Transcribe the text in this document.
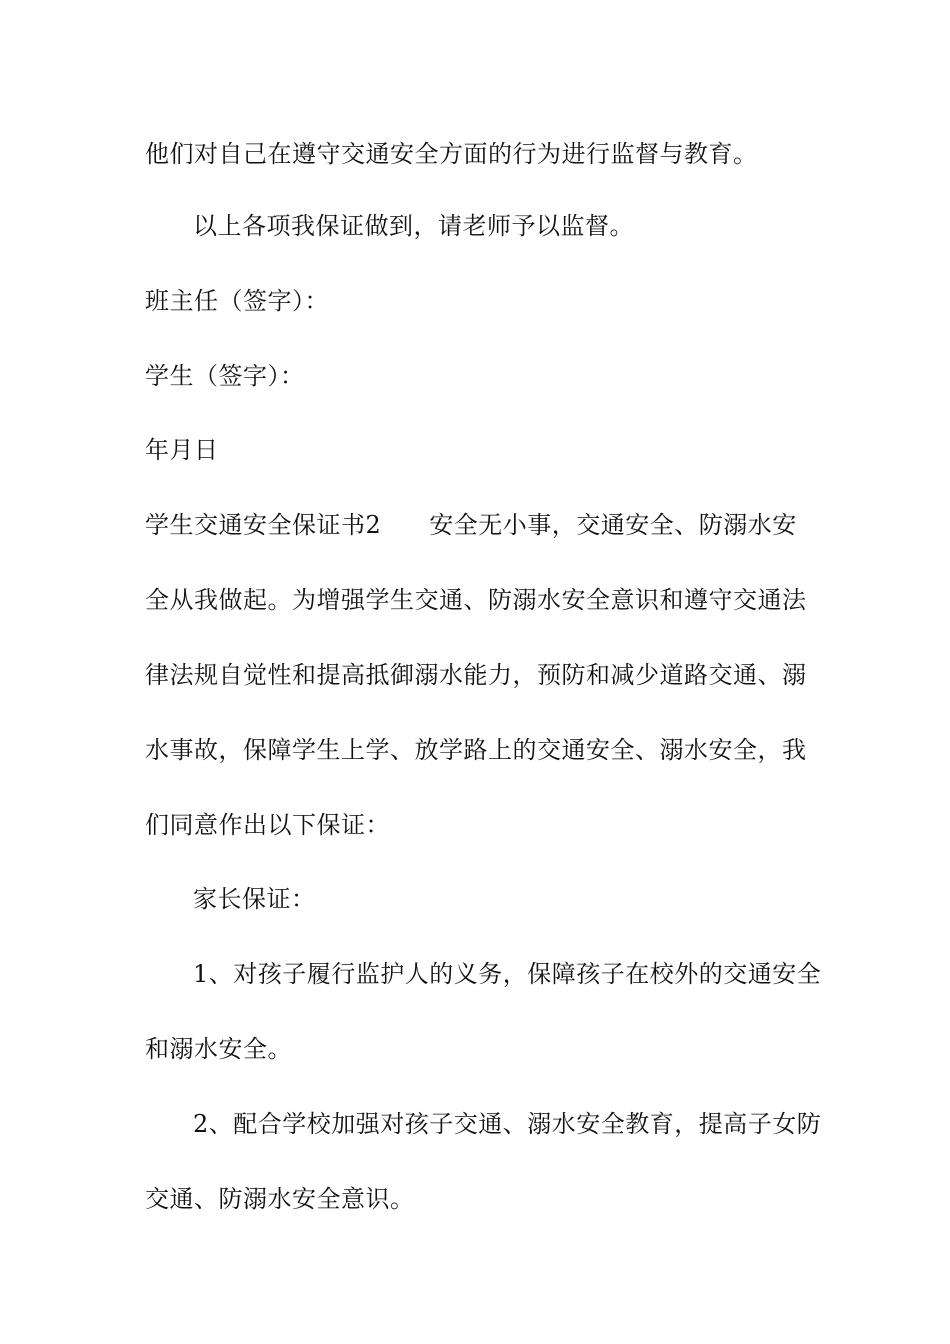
他们对自己在遵守交通安全方面的行为进行监督与教育。
以上各项我保证做到，请老师予以监督。
班主任（签字）：
学生（签字）：
年月日
学生交通安全保证书2 安全无小事，交通安全、防溺水安
全从我做起。为增强学生交通、防溺水安全意识和遵守交通法
律法规自觉性和提高抵御溺水能力，预防和减少道路交通、溺
水事故，保障学生上学、放学路上的交通安全、溺水安全，我
们同意作出以下保证：
家长保证：
1、对孩子履行监护人的义务，保障孩子在校外的交通安全
和溺水安全。
2、配合学校加强对孩子交通、溺水安全教育，提高子女防
交通、防溺水安全意识。
